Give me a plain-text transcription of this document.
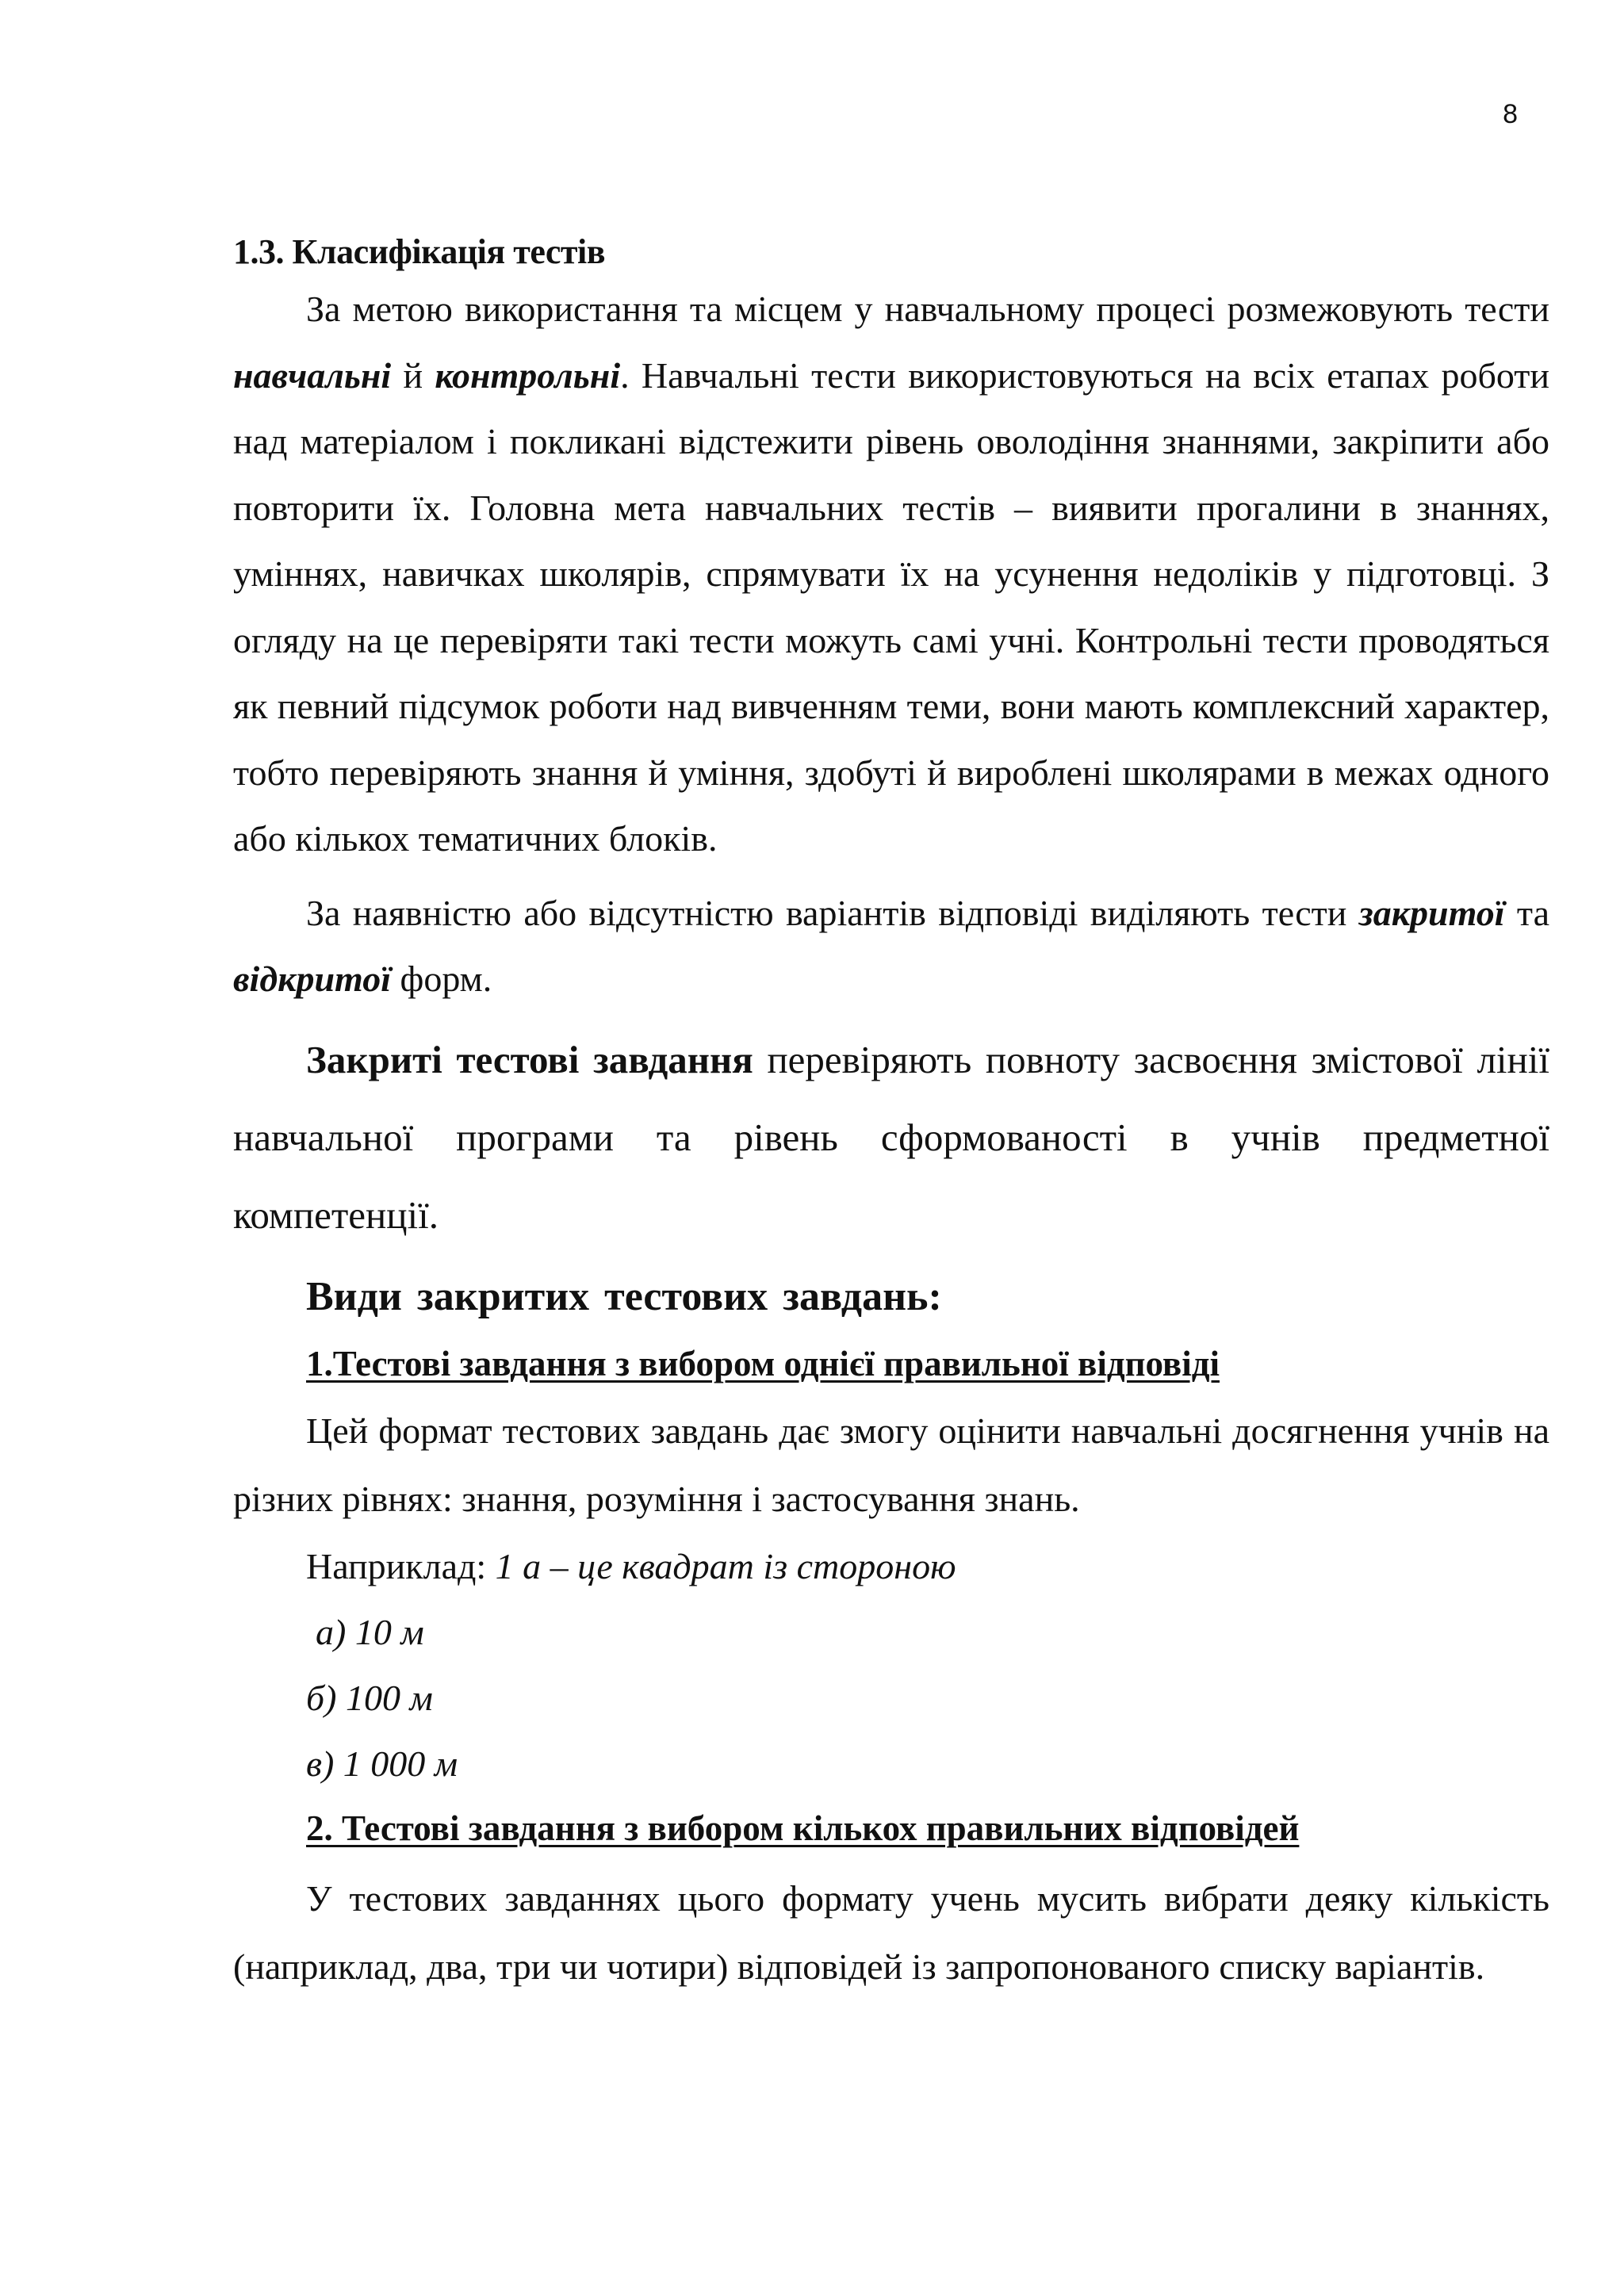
8

1.3. Класифікація тестів

За метою використання та місцем у навчальному процесі розмежовують тести навчальні й контрольні. Навчальні тести використовуються на всіх етапах роботи над матеріалом і покликані відстежити рівень оволодіння знаннями, закріпити або повторити їх. Головна мета навчальних тестів – виявити прогалини в знаннях, уміннях, навичках школярів, спрямувати їх на усунення недоліків у підготовці. З огляду на це перевіряти такі тести можуть самі учні. Контрольні тести проводяться як певний підсумок роботи над вивченням теми, вони мають комплексний характер, тобто перевіряють знання й уміння, здобуті й вироблені школярами в межах одного або кількох тематичних блоків.

За наявністю або відсутністю варіантів відповіді виділяють тести закритої та відкритої форм.

Закриті тестові завдання перевіряють повноту засвоєння змістової лінії навчальної програми та рівень сформованості в учнів предметної компетенції.

Види закритих тестових завдань:

1.Тестові завдання з вибором однієї правильної відповіді

Цей формат тестових завдань дає змогу оцінити навчальні досягнення учнів на різних рівнях: знання, розуміння і застосування знань.

Наприклад: 1 а – це квадрат із стороною

а) 10 м

б) 100 м

в) 1 000 м

2. Тестові завдання з вибором кількох правильних відповідей

У тестових завданнях цього формату учень мусить вибрати деяку кількість (наприклад, два, три чи чотири) відповідей із запропонованого списку варіантів.
